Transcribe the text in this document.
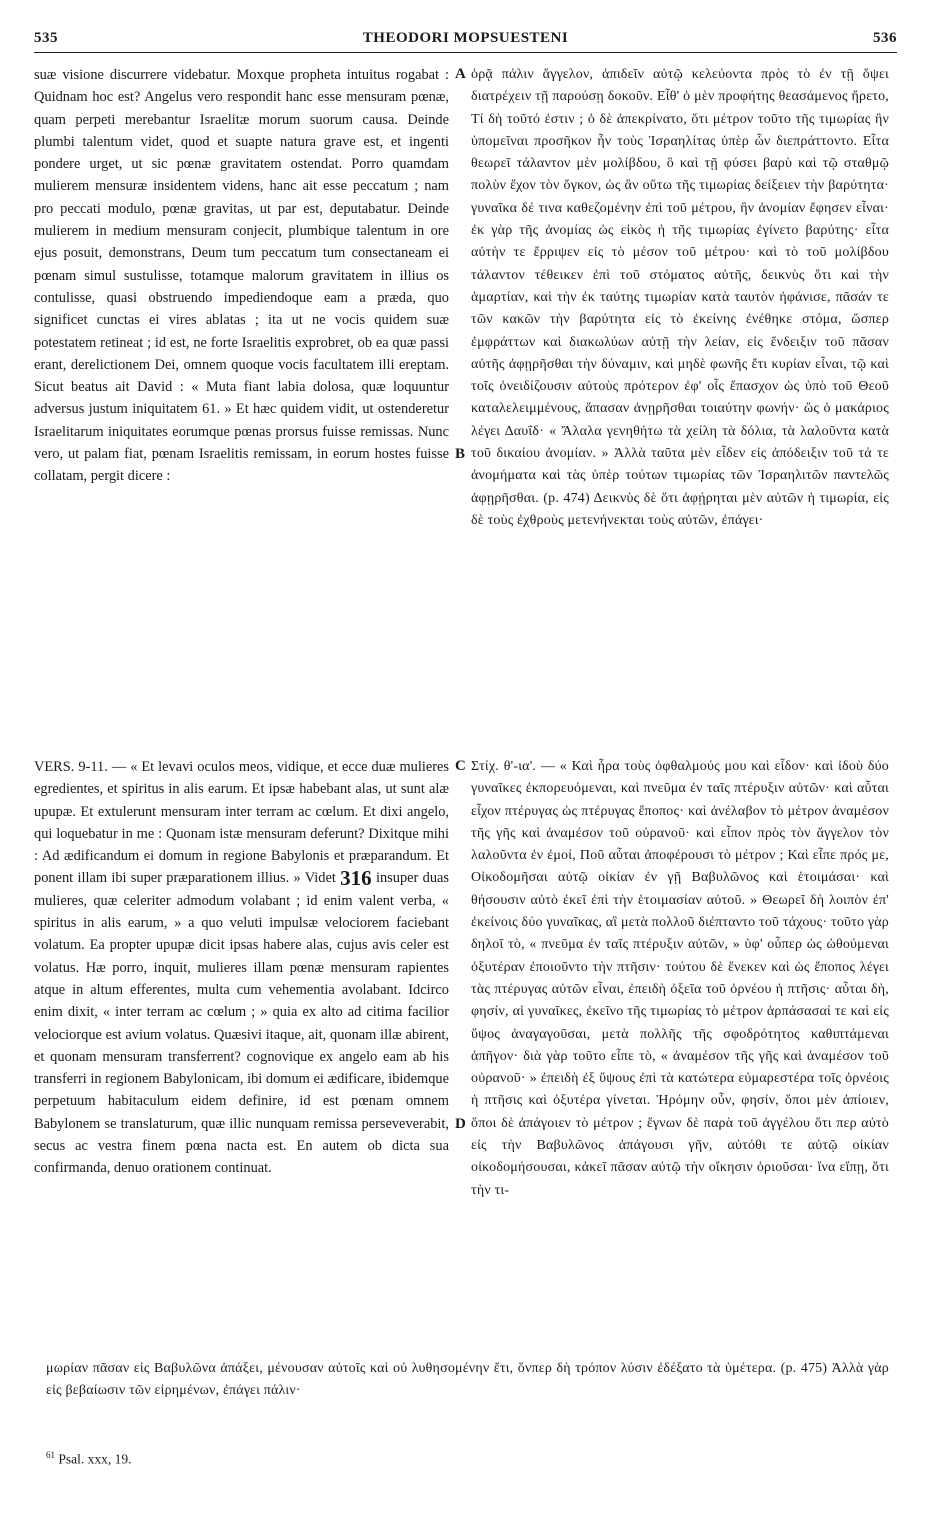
535	THEODORI MOPSUESTENI	536
suæ visione discurrere videbatur. Moxque propheta intuitus rogabat : Quidnam hoc est? Angelus vero respondit hanc esse mensuram pœnæ, quam perpeti merebantur Israelitæ morum suorum causa. Deinde plumbi talentum videt, quod et suapte natura grave est, et ingenti pondere urget, ut sic pœnæ gravitatem ostendat. Porro quamdam mulierem mensuræ insidentem videns, hanc ait esse peccatum ; nam pro peccati modulo, pœnæ gravitas, ut par est, deputabatur. Deinde mulierem in medium mensuram conjecit, plumbique talentum in ore ejus posuit, demonstrans, Deum tum peccatum tum consectaneam ei pœnam simul sustulisse, totamque malorum gravitatem in illius os contulisse, quasi obstruendo impediendoque eam a præda, quo significet cunctas ei vires ablatas ; ita ut ne vocis quidem suæ potestatem retineat ; id est, ne forte Israelitis exprobret, ob ea quæ passi erant, derelictionem Dei, omnem quoque vocis facultatem illi ereptam. Sicut beatus ait David : « Muta fiant labia dolosa, quæ loquuntur adversus justum iniquitatem 61. » Et hæc quidem vidit, ut ostenderetur Israelitarum iniquitates eorumque pœnas prorsus fuisse remissas. Nunc vero, ut palam fiat, pœnam Israelitis remissam, in eorum hostes fuisse collatam, pergit dicere :
ὁρᾷ πάλιν ἄγγελον, ἀπιδεῖν αὐτῷ κελεύοντα πρὸς τὸ ἐν τῇ ὄψει διατρέχειν τῇ παρούσῃ δοκοῦν. Εἶθ' ὁ μὲν προφήτης θεασάμενος ἤρετο, Τί δὴ τοῦτό ἐστιν ; ὁ δὲ ἀπεκρίνατο, ὅτι μέτρον τοῦτο τῆς τιμωρίας ἣν ὑπομεῖναι προσῆκον ἦν τοὺς Ἰσραηλίτας ὑπὲρ ὧν διεπράττοντο. Εἶτα θεωρεῖ τάλαντον μὲν μολίβδου, ὃ καὶ τῇ φύσει βαρὺ καὶ τῷ σταθμῷ πολὺν ἔχον τὸν ὄγκον, ὡς ἂν οὕτω τῆς τιμωρίας δείξειεν τὴν βαρύτητα· γυναῖκα δέ τινα καθεζομένην ἐπὶ τοῦ μέτρου, ἣν ἀνομίαν ἔφησεν εἶναι· ἐκ γὰρ τῆς ἀνομίας ὡς εἰκὸς ἡ τῆς τιμωρίας ἐγίνετο βαρύτης· εἶτα αὐτὴν τε ἔρριψεν εἰς τὸ μέσον τοῦ μέτρου· καὶ τὸ τοῦ μολίβδου τάλαντον τέθεικεν ἐπὶ τοῦ στόματος αὐτῆς, δεικνὺς ὅτι καὶ τὴν ἁμαρτίαν, καὶ τὴν ἐκ ταύτης τιμωρίαν κατὰ ταυτὸν ἠφάνισε, πᾶσάν τε τῶν κακῶν τὴν βαρύτητα εἰς τὸ ἐκείνης ἐνέθηκε στόμα, ὥσπερ ἐμφράττων καὶ διακωλύων αὐτῇ τὴν λείαν, εἰς ἔνδειξιν τοῦ πᾶσαν αὐτῆς ἀφῃρῆσθαι τὴν δύναμιν, καὶ μηδὲ φωνῆς ἔτι κυρίαν εἶναι, τῷ καὶ τοῖς ὀνειδίζουσιν αὐτοὺς πρότερον ἐφ' οἷς ἔπασχον ὡς ὑπὸ τοῦ Θεοῦ καταλελειμμένους, ἅπασαν ἀνῃρῆσθαι τοιαύτην φωνήν· ὥς ὁ μακάριος λέγει Δαυΐδ· « Ἄλαλα γενηθήτω τὰ χείλη τὰ δόλια, τὰ λαλοῦντα κατὰ τοῦ δικαίου ἀνομίαν. » Ἀλλὰ ταῦτα μὲν εἶδεν εἰς ἀπόδειξιν τοῦ τά τε ἀνομήματα καὶ τὰς ὑπὲρ τούτων τιμωρίας τῶν Ἰσραηλιτῶν παντελῶς ἀφῃρῆσθαι. (p. 474) Δεικνὺς δὲ ὅτι ἀφῄρηται μὲν αὐτῶν ἡ τιμωρία, εἰς δὲ τοὺς ἐχθροὺς μετενήνεκται τοὺς αὐτῶν, ἐπάγει·
A
B
C
D
VERS. 9-11. — « Et levavi oculos meos, vidique, et ecce duæ mulieres egredientes, et spiritus in alis earum. Et ipsæ habebant alas, ut sunt alæ upupæ. Et extulerunt mensuram inter terram ac cœlum. Et dixi angelo, qui loquebatur in me : Quonam istæ mensuram deferunt? Dixitque mihi : Ad ædificandum ei domum in regione Babylonis et præparandum. Et ponent illam ibi super præparationem illius. » Videt 316 insuper duas mulieres, quæ celeriter admodum volabant ; id enim valent verba, « spiritus in alis earum, » a quo veluti impulsæ velociorem faciebant volatum. Ea propter upupæ dicit ipsas habere alas, cujus avis celer est volatus. Hæ porro, inquit, mulieres illam pœnæ mensuram rapientes atque in altum efferentes, multa cum vehementia avolabant. Idcirco enim dixit, « inter terram ac cœlum ; » quia ex alto ad citima facilior velociorque est avium volatus. Quæsivi itaque, ait, quonam illæ abirent, et quonam mensuram transferrent? cognovique ex angelo eam ab his transferri in regionem Babylonicam, ibi domum ei ædificare, ibidemque perpetuum habitaculum eidem definire, id est pœnam omnem Babylonem se translaturum, quæ illic nunquam remissa perseveverabit, secus ac vestra finem pœna nacta est. En autem ob dicta sua confirmanda, denuo orationem continuat.
Στίχ. θ'-ια'. — « Καὶ ἦρα τοὺς ὀφθαλμούς μου καὶ εἶδον· καὶ ἰδοὺ δύο γυναῖκες ἐκπορευόμεναι, καὶ πνεῦμα ἐν ταῖς πτέρυξιν αὐτῶν· καὶ αὗται εἶχον πτέρυγας ὡς πτέρυγας ἔποπος· καὶ ἀνέλαβον τὸ μέτρον ἀναμέσον τῆς γῆς καὶ ἀναμέσον τοῦ οὐρανοῦ· καὶ εἶπον πρὸς τὸν ἄγγελον τὸν λαλοῦντα ἐν ἐμοί, Ποῦ αὗται ἀποφέρουσι τὸ μέτρον ; Καὶ εἶπε πρός με, Οἰκοδομῆσαι αὐτῷ οἰκίαν ἐν γῇ Βαβυλῶνος καὶ ἑτοιμάσαι· καὶ θήσουσιν αὐτὸ ἐκεῖ ἐπὶ τὴν ἑτοιμασίαν αὐτοῦ. » Θεωρεῖ δὴ λοιπὸν ἐπ' ἐκείνοις δύο γυναῖκας, αἳ μετὰ πολλοῦ διέπταντο τοῦ τάχους· τοῦτο γὰρ δηλοῖ τὸ, « πνεῦμα ἐν ταῖς πτέρυξιν αὐτῶν, » ὑφ' οὗπερ ὡς ὠθούμεναι ὀξυτέραν ἐποιοῦντο τὴν πτῆσιν· τούτου δὲ ἕνεκεν καὶ ὡς ἔποπος λέγει τὰς πτέρυγας αὐτῶν εἶναι, ἐπειδὴ ὀξεῖα τοῦ ὀρνέου ἡ πτῆσις· αὗται δὴ, φησίν, αἱ γυναῖκες, ἐκεῖνο τῆς τιμωρίας τὸ μέτρον ἁρπάσασαί τε καὶ εἰς ὕψος ἀναγαγοῦσαι, μετὰ πολλῆς τῆς σφοδρότητος καθιπτάμεναι ἀπῆγον· διὰ γὰρ τοῦτο εἶπε τὸ, « ἀναμέσον τῆς γῆς καὶ ἀναμέσον τοῦ οὐρανοῦ· » ἐπειδὴ ἐξ ὕψους ἐπὶ τὰ κατώτερα εὐμαρεστέρα τοῖς ὀρνέοις ἡ πτῆσις καὶ ὀξυτέρα γίνεται. Ἠρόμην οὖν, φησίν, ὅποι μὲν ἀπίοιεν, ὅποι δὲ ἀπάγοιεν τὸ μέτρον ; ἔγνων δὲ παρὰ τοῦ ἀγγέλου ὅτι περ αὐτὸ εἰς τὴν Βαβυλῶνος ἀπάγουσι γῆν, αὐτόθι τε αὐτῷ οἰκίαν οἰκοδομήσουσαι, κἀκεῖ πᾶσαν αὐτῷ τὴν οἴκησιν ὁριοῦσαι· ἵνα εἴπῃ, ὅτι τὴν τι-
μωρίαν πᾶσαν εἰς Βαβυλῶνα ἀπάξει, μένουσαν αὐτοῖς καὶ οὐ λυθησομένην ἔτι, ὅνπερ δὴ τρόπον λύσιν ἐδέξατο τὰ ὑμέτερα. (p. 475) Ἀλλὰ γὰρ εἰς βεβαίωσιν τῶν εἰρημένων, ἐπάγει πάλιν·
$^{61}$ Psal. xxx, 19.
